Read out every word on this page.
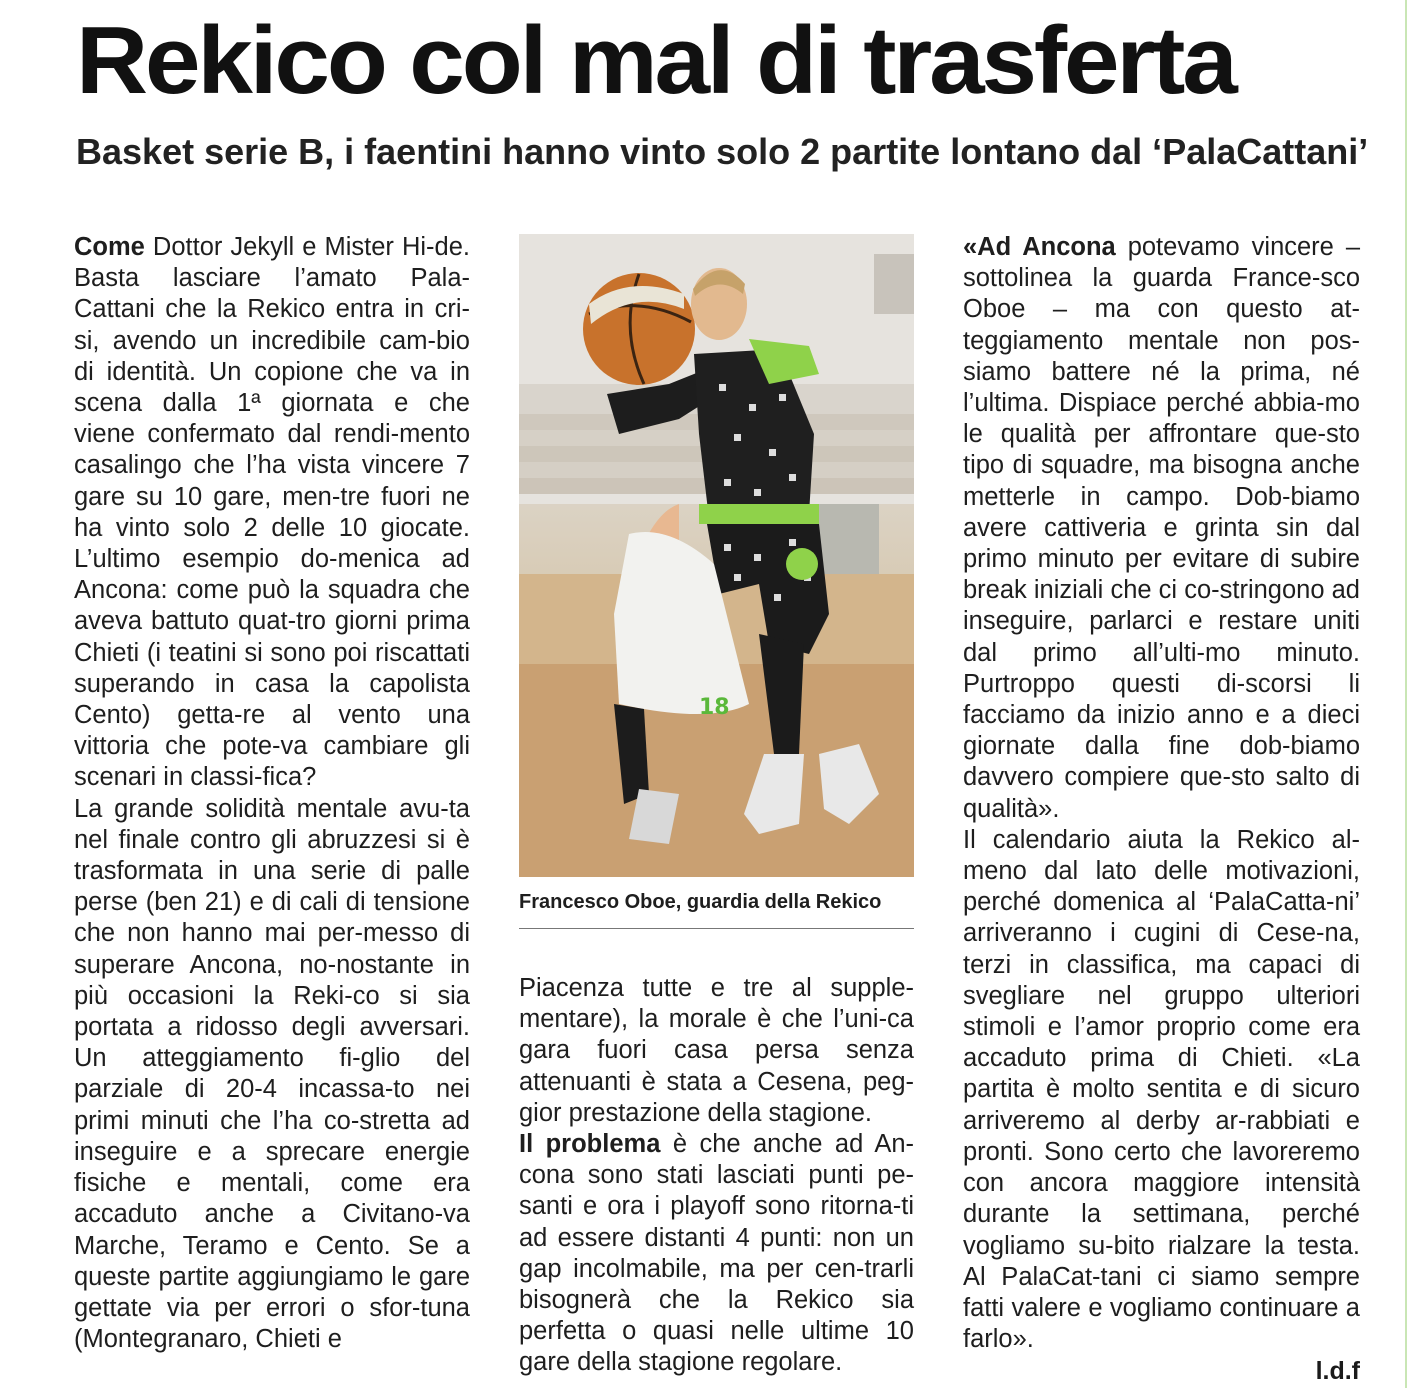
Rekico col mal di trasferta
Basket serie B, i faentini hanno vinto solo 2 partite lontano dal ‘PalaCattani’

Come Dottor Jekyll e Mister Hi-de. Basta lasciare l’amato Pala-Cattani che la Rekico entra in cri-si, avendo un incredibile cam-bio di identità. Un copione che va in scena dalla 1ª giornata e che viene confermato dal rendi-mento casalingo che l’ha vista vincere 7 gare su 10 gare, men-tre fuori ne ha vinto solo 2 delle 10 giocate. L’ultimo esempio do-menica ad Ancona: come può la squadra che aveva battuto quat-tro giorni prima Chieti (i teatini si sono poi riscattati superando in casa la capolista Cento) getta-re al vento una vittoria che pote-va cambiare gli scenari in classi-fica?

La grande solidità mentale avu-ta nel finale contro gli abruzzesi si è trasformata in una serie di palle perse (ben 21) e di cali di tensione che non hanno mai per-messo di superare Ancona, no-nostante in più occasioni la Reki-co si sia portata a ridosso degli avversari. Un atteggiamento fi-glio del parziale di 20-4 incassa-to nei primi minuti che l’ha co-stretta ad inseguire e a sprecare energie fisiche e mentali, come era accaduto anche a Civitano-va Marche, Teramo e Cento. Se a queste partite aggiungiamo le gare gettate via per errori o sfor-tuna (Montegranaro, Chieti e

18
Francesco Oboe, guardia della Rekico

Piacenza tutte e tre al supple-mentare), la morale è che l’uni-ca gara fuori casa persa senza attenuanti è stata a Cesena, peg-gior prestazione della stagione.

Il problema è che anche ad An-cona sono stati lasciati punti pe-santi e ora i playoff sono ritorna-ti ad essere distanti 4 punti: non un gap incolmabile, ma per cen-trarli bisognerà che la Rekico sia perfetta o quasi nelle ultime 10 gare della stagione regolare.

«Ad Ancona potevamo vincere – sottolinea la guarda France-sco Oboe – ma con questo at-teggiamento mentale non pos-siamo battere né la prima, né l’ultima. Dispiace perché abbia-mo le qualità per affrontare que-sto tipo di squadre, ma bisogna anche metterle in campo. Dob-biamo avere cattiveria e grinta sin dal primo minuto per evitare di subire break iniziali che ci co-stringono ad inseguire, parlarci e restare uniti dal primo all’ulti-mo minuto. Purtroppo questi di-scorsi li facciamo da inizio anno e a dieci giornate dalla fine dob-biamo davvero compiere que-sto salto di qualità».

Il calendario aiuta la Rekico al-meno dal lato delle motivazioni, perché domenica al ‘PalaCatta-ni’ arriveranno i cugini di Cese-na, terzi in classifica, ma capaci di svegliare nel gruppo ulteriori stimoli e l’amor proprio come era accaduto prima di Chieti. «La partita è molto sentita e di sicuro arriveremo al derby ar-rabbiati e pronti. Sono certo che lavoreremo con ancora maggiore intensità durante la settimana, perché vogliamo su-bito rialzare la testa. Al PalaCat-tani ci siamo sempre fatti valere e vogliamo continuare a farlo».

l.d.f
